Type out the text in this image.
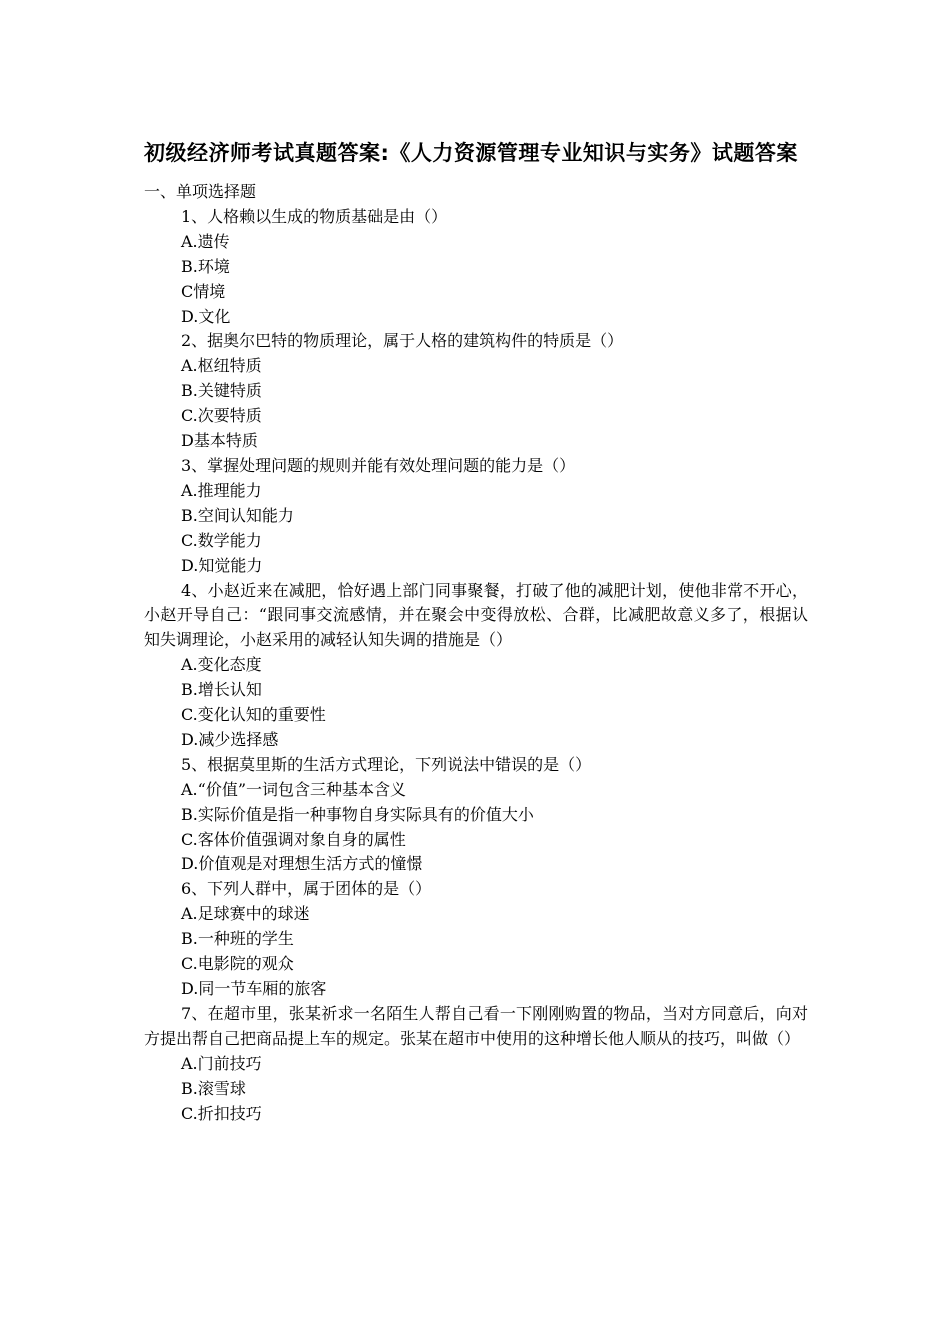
初级经济师考试真题答案:《人力资源管理专业知识与实务》试题答案
一、单项选择题

1、人格赖以生成的物质基础是由（）

A.遗传
B.环境
C情境
D.文化

2、据奥尔巴特的物质理论，属于人格的建筑构件的特质是（）

A.枢纽特质
B.关键特质
C.次要特质
D基本特质

3、掌握处理问题的规则并能有效处理问题的能力是（）

A.推理能力
B.空间认知能力
C.数学能力
D.知觉能力

4、小赵近来在减肥，恰好遇上部门同事聚餐，打破了他的减肥计划，使他非常不开心，小赵开导自己：“跟同事交流感情，并在聚会中变得放松、合群，比减肥故意义多了，根据认知失调理论，小赵采用的减轻认知失调的措施是（）

A.变化态度
B.增长认知
C.变化认知的重要性
D.减少选择感

5、根据莫里斯的生活方式理论，下列说法中错误的是（）

A.“价值”一词包含三种基本含义
B.实际价值是指一种事物自身实际具有的价值大小
C.客体价值强调对象自身的属性
D.价值观是对理想生活方式的憧憬

6、下列人群中，属于团体的是（）

A.足球赛中的球迷
B.一种班的学生
C.电影院的观众
D.同一节车厢的旅客

7、在超市里，张某祈求一名陌生人帮自己看一下刚刚购置的物品，当对方同意后，向对方提出帮自己把商品提上车的规定。张某在超市中使用的这种增长他人顺从的技巧，叫做（）

A.门前技巧
B.滚雪球
C.折扣技巧
